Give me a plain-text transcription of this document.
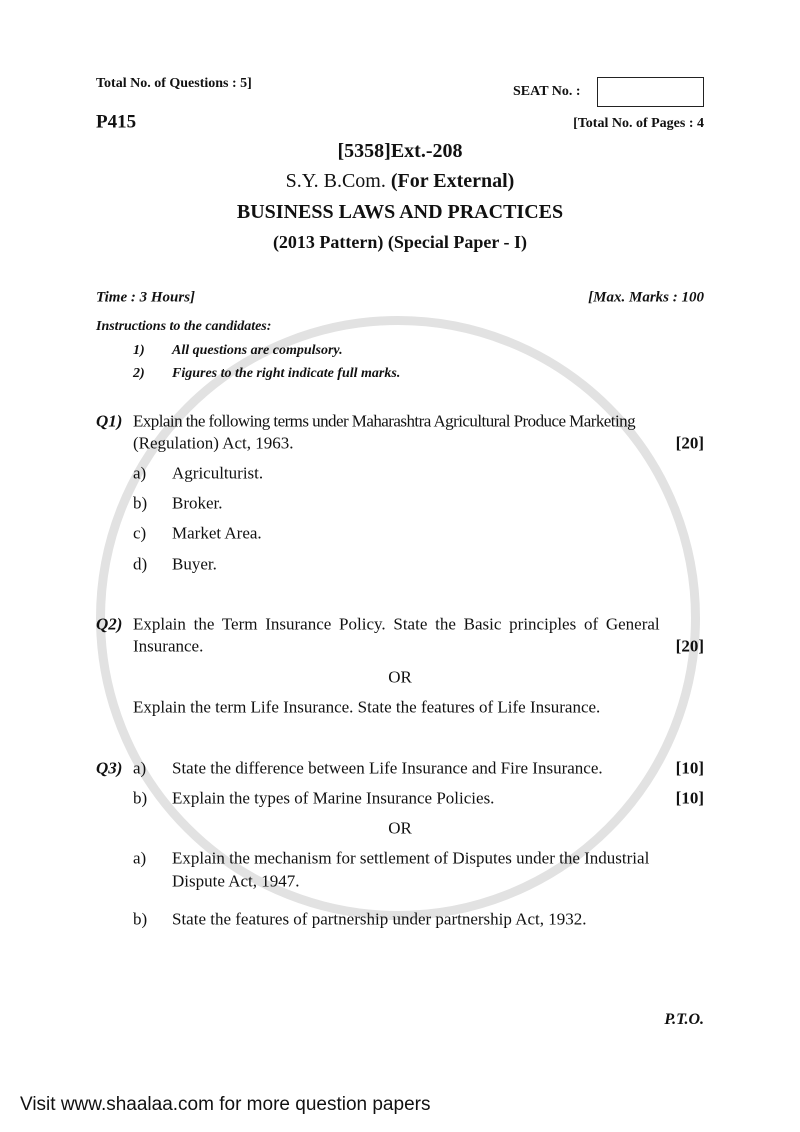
Total No. of Questions : 5]
SEAT No. :
P415	[Total No. of Pages : 4
[5358]Ext.-208
S.Y. B.Com. (For External)
BUSINESS LAWS AND PRACTICES
(2013 Pattern) (Special Paper - I)
Time : 3 Hours]	[Max. Marks : 100
Instructions to the candidates:
1) All questions are compulsory.
2) Figures to the right indicate full marks.
Q1) Explain the following terms under Maharashtra Agricultural Produce Marketing
(Regulation) Act, 1963.	[20]
a) Agriculturist.
b) Broker.
c) Market Area.
d) Buyer.
Q2) Explain the Term Insurance Policy. State the Basic principles of General
Insurance.	[20]
OR
Explain the term Life Insurance. State the features of Life Insurance.
Q3) a) State the difference between Life Insurance and Fire Insurance.	[10]
b) Explain the types of Marine Insurance Policies.	[10]
OR
a) Explain the mechanism for settlement of Disputes under the Industrial
Dispute Act, 1947.
b) State the features of partnership under partnership Act, 1932.
P.T.O.
Visit www.shaalaa.com for more question papers
